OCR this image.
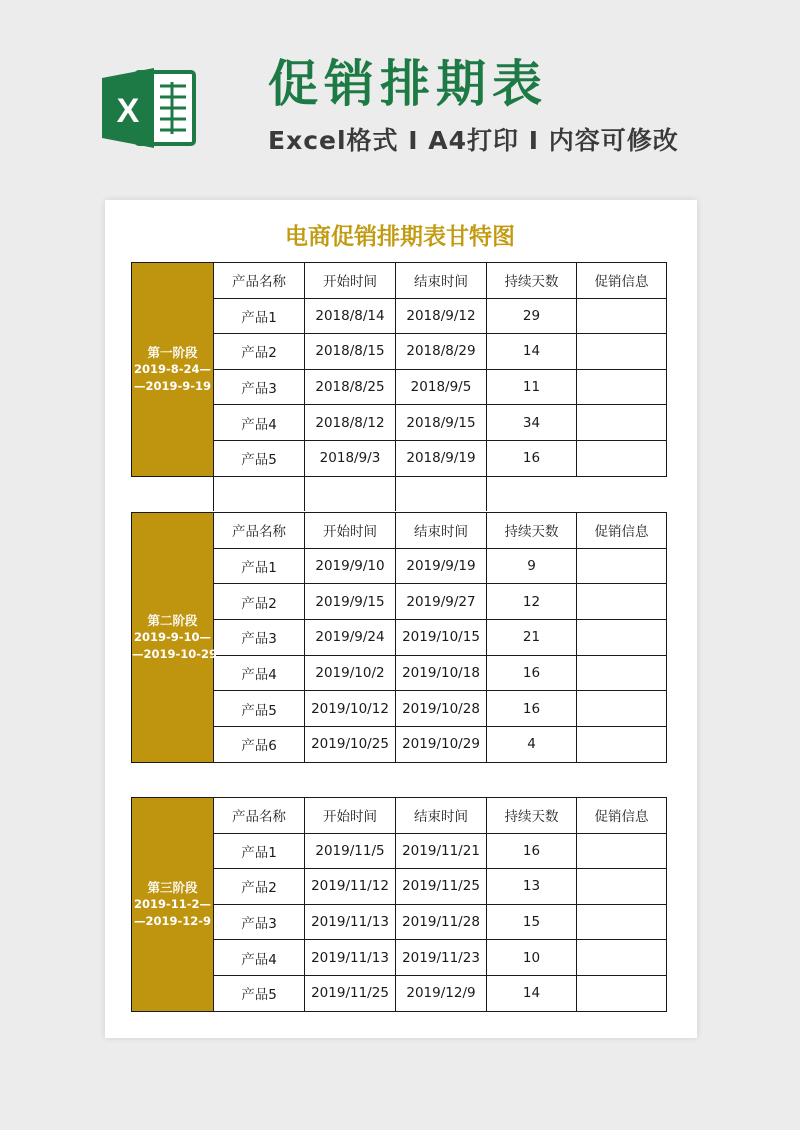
X	促销排期表
Excel格式 I A4打印 I 内容可修改
电商促销排期表甘特图
第一阶段
2019-8-24—
—2019-9-19	产品名称	开始时间	结束时间	持续天数	促销信息
	产品1	2018/8/14	2018/9/12	29	
	产品2	2018/8/15	2018/8/29	14	
	产品3	2018/8/25	2018/9/5	11	
	产品4	2018/8/12	2018/9/15	34	
	产品5	2018/9/3	2018/9/19	16	

第二阶段
2019-9-10—
—2019-10-29	产品名称	开始时间	结束时间	持续天数	促销信息
	产品1	2019/9/10	2019/9/19	9	
	产品2	2019/9/15	2019/9/27	12	
	产品3	2019/9/24	2019/10/15	21	
	产品4	2019/10/2	2019/10/18	16	
	产品5	2019/10/12	2019/10/28	16	
	产品6	2019/10/25	2019/10/29	4	
第三阶段
2019-11-2—
—2019-12-9	产品名称	开始时间	结束时间	持续天数	促销信息
	产品1	2019/11/5	2019/11/21	16	
	产品2	2019/11/12	2019/11/25	13	
	产品3	2019/11/13	2019/11/28	15	
	产品4	2019/11/13	2019/11/23	10	
	产品5	2019/11/25	2019/12/9	14	
